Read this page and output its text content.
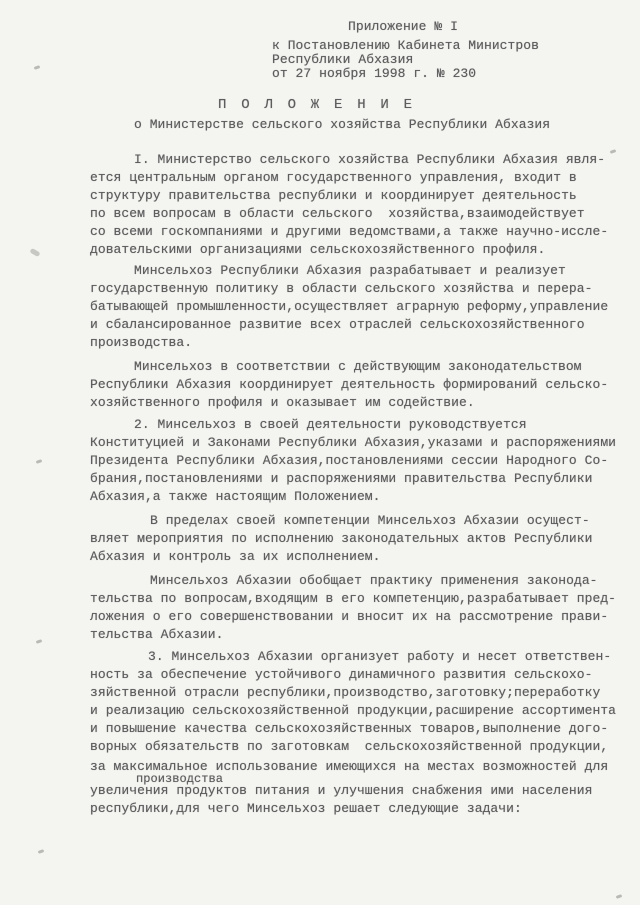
Приложение № I
к Постановлению Кабинета Министров
Республики Абхазия
от 27 ноября 1998 г. № 230
П О Л О Ж Е Н И Е
о Министерстве сельского хозяйства Республики Абхазия
I. Министерство сельского хозяйства Республики Абхазия явля-
ется центральным органом государственного управления, входит в
структуру правительства республики и координирует деятельность
по всем вопросам в области сельского  хозяйства,взаимодействует
со всеми госкомпаниями и другими ведомствами,а также научно-иссле-
довательскими организациями сельскохозяйственного профиля.
Минсельхоз Республики Абхазия разрабатывает и реализует
государственную политику в области сельского хозяйства и перера-
батывающей промышленности,осуществляет аграрную реформу,управление
и сбалансированное развитие всех отраслей сельскохозяйственного
производства.
Минсельхоз в соответствии с действующим законодательством
Республики Абхазия координирует деятельность формирований сельско-
хозяйственного профиля и оказывает им содействие.
2. Минсельхоз в своей деятельности руководствуется
Конституцией и Законами Республики Абхазия,указами и распоряжениями
Президента Республики Абхазия,постановлениями сессии Народного Со-
брания,постановлениями и распоряжениями правительства Республики
Абхазия,а также настоящим Положением.
В пределах своей компетенции Минсельхоз Абхазии осущест-
вляет мероприятия по исполнению законодательных актов Республики
Абхазия и контроль за их исполнением.
Минсельхоз Абхазии обобщает практику применения законода-
тельства по вопросам,входящим в его компетенцию,разрабатывает пред-
ложения о его совершенствовании и вносит их на рассмотрение прави-
тельства Абхазии.
3. Минсельхоз Абхазии организует работу и несет ответствен-
ность за обеспечение устойчивого динамичного развития сельскохо-
зяйственной отрасли республики,производство,заготовку;переработку
и реализацию сельскохозяйственной продукции,расширение ассортимента
и повышение качества сельскохозяйственных товаров,выполнение дого-
ворных обязательств по заготовкам  сельскохозяйственной продукции,
за максимальное использование имеющихся на местах возможностей для
производства
увеличения продуктов питания и улучшения снабжения ими населения
республики,для чего Минсельхоз решает следующие задачи:
